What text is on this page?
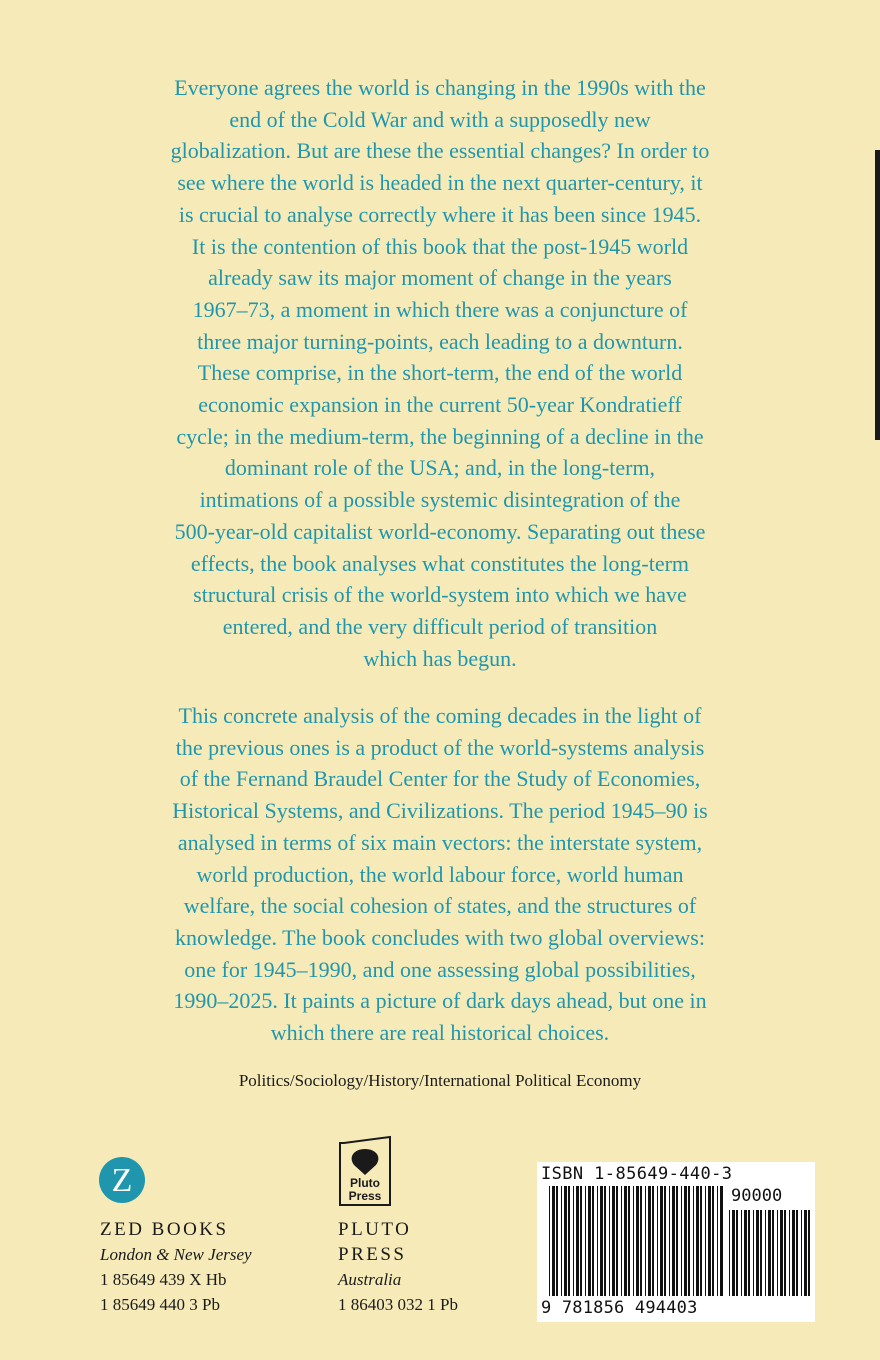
Everyone agrees the world is changing in the 1990s with the
end of the Cold War and with a supposedly new
globalization. But are these the essential changes? In order to
see where the world is headed in the next quarter-century, it
is crucial to analyse correctly where it has been since 1945.
It is the contention of this book that the post-1945 world
already saw its major moment of change in the years
1967–73, a moment in which there was a conjuncture of
three major turning-points, each leading to a downturn.
These comprise, in the short-term, the end of the world
economic expansion in the current 50-year Kondratieff
cycle; in the medium-term, the beginning of a decline in the
dominant role of the USA; and, in the long-term,
intimations of a possible systemic disintegration of the
500-year-old capitalist world-economy. Separating out these
effects, the book analyses what constitutes the long-term
structural crisis of the world-system into which we have
entered, and the very difficult period of transition
which has begun.
This concrete analysis of the coming decades in the light of
the previous ones is a product of the world-systems analysis
of the Fernand Braudel Center for the Study of Economies,
Historical Systems, and Civilizations. The period 1945–90 is
analysed in terms of six main vectors: the interstate system,
world production, the world labour force, world human
welfare, the social cohesion of states, and the structures of
knowledge. The book concludes with two global overviews:
one for 1945–1990, and one assessing global possibilities,
1990–2025. It paints a picture of dark days ahead, but one in
which there are real historical choices.
Politics/Sociology/History/International Political Economy
Z	Pluto
Press
ZED BOOKS
London & New Jersey
1 85649 439 X Hb
1 85649 440 3 Pb
PLUTO
PRESS
Australia
1 86403 032 1 Pb
ISBN 1-85649-440-3
90000
9 781856 494403
